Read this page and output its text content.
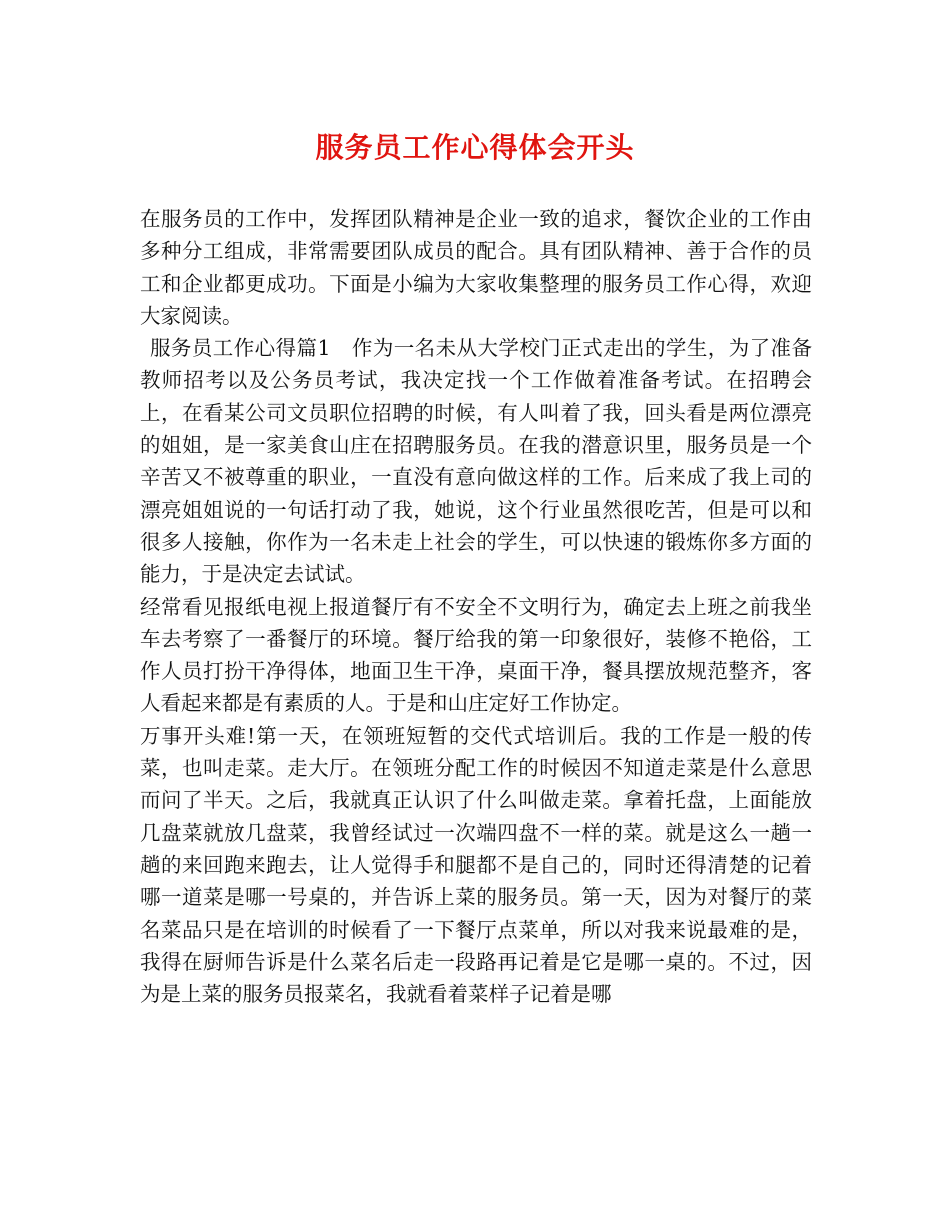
服务员工作心得体会开头

在服务员的工作中，发挥团队精神是企业一致的追求，餐饮企业的工作由多种分工组成，非常需要团队成员的配合。具有团队精神、善于合作的员工和企业都更成功。下面是小编为大家收集整理的服务员工作心得，欢迎大家阅读。

服务员工作心得篇1　作为一名未从大学校门正式走出的学生，为了准备教师招考以及公务员考试，我决定找一个工作做着准备考试。在招聘会上，在看某公司文员职位招聘的时候，有人叫着了我，回头看是两位漂亮的姐姐，是一家美食山庄在招聘服务员。在我的潜意识里，服务员是一个辛苦又不被尊重的职业，一直没有意向做这样的工作。后来成了我上司的漂亮姐姐说的一句话打动了我，她说，这个行业虽然很吃苦，但是可以和很多人接触，你作为一名未走上社会的学生，可以快速的锻炼你多方面的能力，于是决定去试试。

经常看见报纸电视上报道餐厅有不安全不文明行为，确定去上班之前我坐车去考察了一番餐厅的环境。餐厅给我的第一印象很好，装修不艳俗，工作人员打扮干净得体，地面卫生干净，桌面干净，餐具摆放规范整齐，客人看起来都是有素质的人。于是和山庄定好工作协定。

万事开头难!第一天，在领班短暂的交代式培训后。我的工作是一般的传菜，也叫走菜。走大厅。在领班分配工作的时候因不知道走菜是什么意思而问了半天。之后，我就真正认识了什么叫做走菜。拿着托盘，上面能放几盘菜就放几盘菜，我曾经试过一次端四盘不一样的菜。就是这么一趟一趟的来回跑来跑去，让人觉得手和腿都不是自己的，同时还得清楚的记着哪一道菜是哪一号桌的，并告诉上菜的服务员。第一天，因为对餐厅的菜名菜品只是在培训的时候看了一下餐厅点菜单，所以对我来说最难的是，我得在厨师告诉是什么菜名后走一段路再记着是它是哪一桌的。不过，因为是上菜的服务员报菜名，我就看着菜样子记着是哪
